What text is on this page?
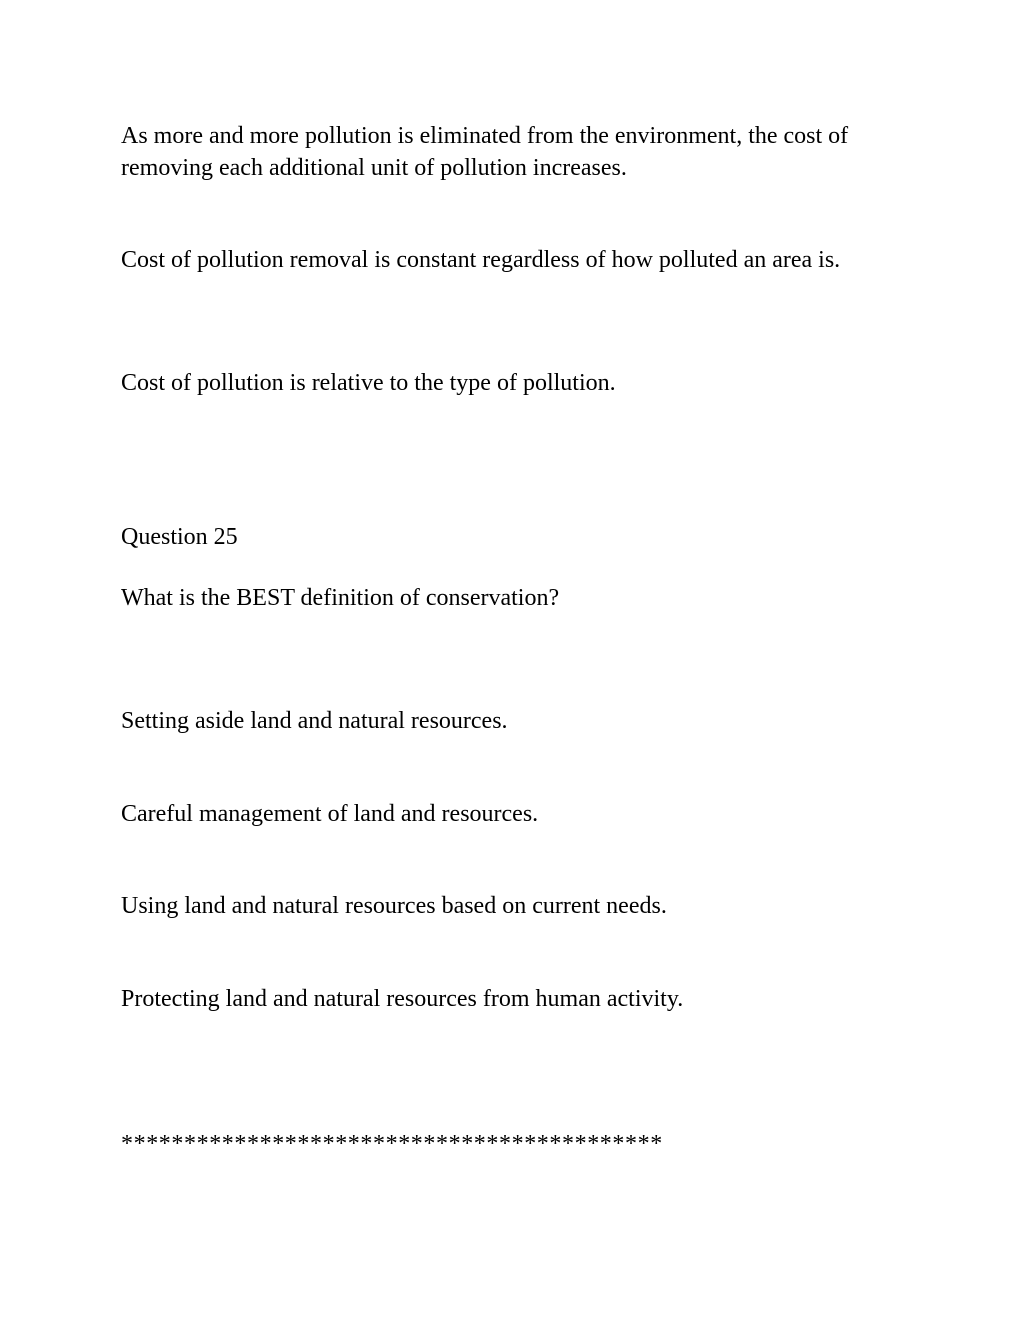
As more and more pollution is eliminated from the environment, the cost of removing each additional unit of pollution increases.

Cost of pollution removal is constant regardless of how polluted an area is.

Cost of pollution is relative to the type of pollution.

Question 25

What is the BEST definition of conservation?

Setting aside land and natural resources.

Careful management of land and resources.

Using land and natural resources based on current needs.

Protecting land and natural resources from human activity.

*******************************************
